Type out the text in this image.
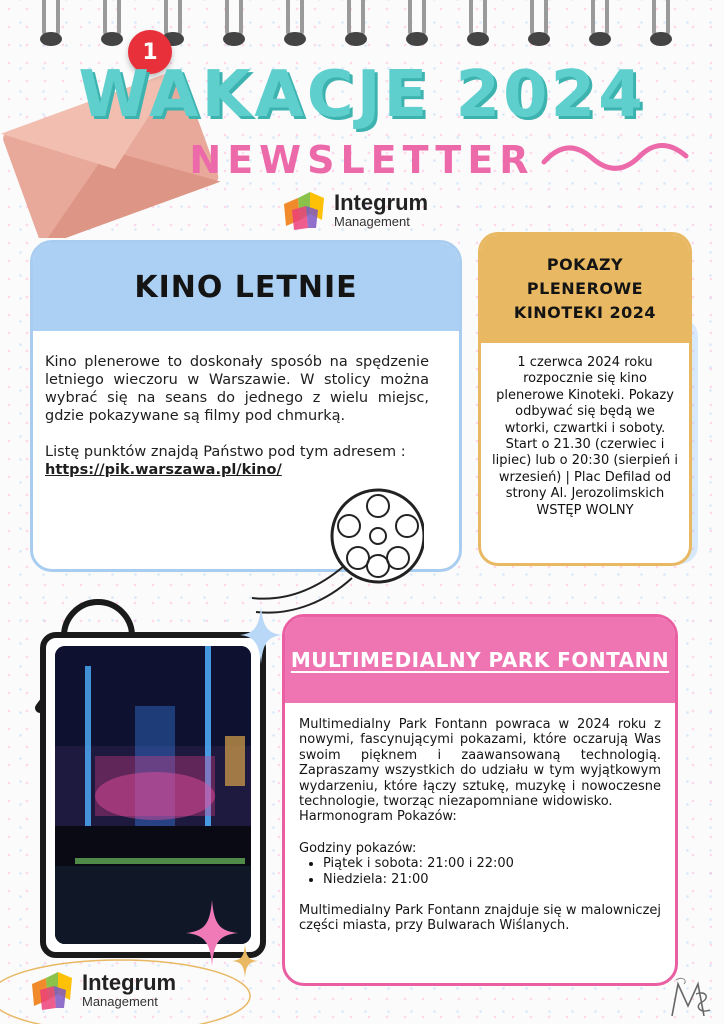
1
WAKACJE 2024
NEWSLETTER
Integrum
Management
KINO LETNIE

Kino plenerowe to doskonały sposób na spędzenie letniego wieczoru w Warszawie. W stolicy można wybrać się na seans do jednego z wielu miejsc, gdzie pokazywane są filmy pod chmurką.

Listę punktów znajdą Państwo pod tym adresem :

https://pik.warszawa.pl/kino/
POKAZY PLENEROWE KINOTEKI 2024
1 czerwca 2024 roku rozpocznie się kino plenerowe Kinoteki. Pokazy odbywać się będą we wtorki, czwartki i soboty.
Start o 21.30 (czerwiec i lipiec) lub o 20:30 (sierpień i wrzesień) | Plac Defilad od strony Al. Jerozolimskich
WSTĘP WOLNY
MULTIMEDIALNY PARK FONTANN

Multimedialny Park Fontann powraca w 2024 roku z nowymi, fascynującymi pokazami, które oczarują Was swoim pięknem i zaawansowaną technologią. Zapraszamy wszystkich do udziału w tym wyjątkowym wydarzeniu, które łączy sztukę, muzykę i nowoczesne technologie, tworząc niezapomniane widowisko.

Harmonogram Pokazów:
Godziny pokazów:
• Piątek i sobota: 21:00 i 22:00
• Niedziela: 21:00

Multimedialny Park Fontann znajduje się w malowniczej części miasta, przy Bulwarach Wiślanych.

Integrum
Management
